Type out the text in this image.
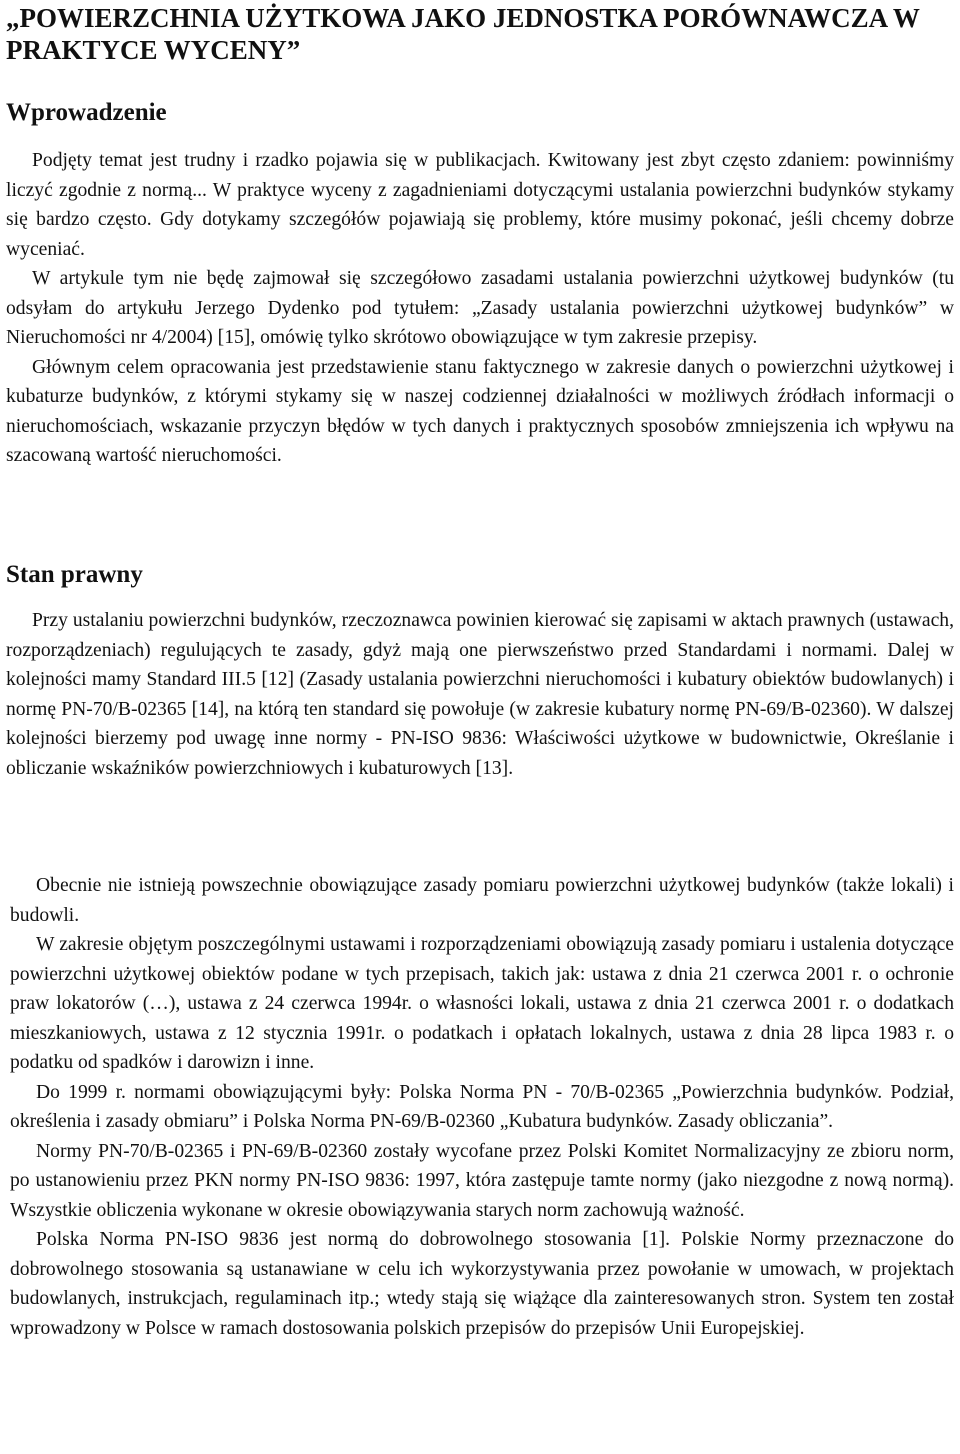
„POWIERZCHNIA UŻYTKOWA JAKO JEDNOSTKA PORÓWNAWCZA W PRAKTYCE WYCENY”
Wprowadzenie

Podjęty temat jest trudny i rzadko pojawia się w publikacjach. Kwitowany jest zbyt często zdaniem: powinniśmy liczyć zgodnie z normą... W praktyce wyceny z zagadnieniami dotyczącymi ustalania powierzchni budynków stykamy się bardzo często. Gdy dotykamy szczegółów pojawiają się problemy, które musimy pokonać, jeśli chcemy dobrze wyceniać.

W artykule tym nie będę zajmował się szczegółowo zasadami ustalania powierzchni użytkowej budynków (tu odsyłam do artykułu Jerzego Dydenko pod tytułem: „Zasady ustalania powierzchni użytkowej budynków” w Nieruchomości nr 4/2004) [15], omówię tylko skrótowo obowiązujące w tym zakresie przepisy.

Głównym celem opracowania jest przedstawienie stanu faktycznego w zakresie danych o powierzchni użytkowej i kubaturze budynków, z którymi stykamy się w naszej codziennej działalności w możliwych źródłach informacji o nieruchomościach, wskazanie przyczyn błędów w tych danych i praktycznych sposobów zmniejszenia ich wpływu na szacowaną wartość nieruchomości.

Stan prawny

Przy ustalaniu powierzchni budynków, rzeczoznawca powinien kierować się zapisami w aktach prawnych (ustawach, rozporządzeniach) regulujących te zasady, gdyż mają one pierwszeństwo przed Standardami i normami. Dalej w kolejności mamy Standard III.5 [12] (Zasady ustalania powierzchni nieruchomości i kubatury obiektów budowlanych) i normę PN-70/B-02365 [14], na którą ten standard się powołuje (w zakresie kubatury normę PN-69/B-02360). W dalszej kolejności bierzemy pod uwagę inne normy - PN-ISO 9836: Właściwości użytkowe w budownictwie, Określanie i obliczanie wskaźników powierzchniowych i kubaturowych [13].

Obecnie nie istnieją powszechnie obowiązujące zasady pomiaru powierzchni użytkowej budynków (także lokali) i budowli.

W zakresie objętym poszczególnymi ustawami i rozporządzeniami obowiązują zasady pomiaru i ustalenia dotyczące powierzchni użytkowej obiektów podane w tych przepisach, takich jak: ustawa z dnia 21 czerwca 2001 r. o ochronie praw lokatorów (…), ustawa z 24 czerwca 1994r. o własności lokali, ustawa z dnia 21 czerwca 2001 r. o dodatkach mieszkaniowych, ustawa z 12 stycznia 1991r. o podatkach i opłatach lokalnych, ustawa z dnia 28 lipca 1983 r. o podatku od spadków i darowizn i inne.

Do 1999 r. normami obowiązującymi były: Polska Norma PN - 70/B-02365 „Powierzchnia budynków. Podział, określenia i zasady obmiaru” i Polska Norma PN-69/B-02360 „Kubatura budynków. Zasady obliczania”.

Normy PN-70/B-02365 i PN-69/B-02360 zostały wycofane przez Polski Komitet Normalizacyjny ze zbioru norm, po ustanowieniu przez PKN normy PN-ISO 9836: 1997, która zastępuje tamte normy (jako niezgodne z nową normą). Wszystkie obliczenia wykonane w okresie obowiązywania starych norm zachowują ważność.

Polska Norma PN-ISO 9836 jest normą do dobrowolnego stosowania [1]. Polskie Normy przeznaczone do dobrowolnego stosowania są ustanawiane w celu ich wykorzystywania przez powołanie w umowach, w projektach budowlanych, instrukcjach, regulaminach itp.; wtedy stają się wiążące dla zainteresowanych stron. System ten został wprowadzony w Polsce w ramach dostosowania polskich przepisów do przepisów Unii Europejskiej.
